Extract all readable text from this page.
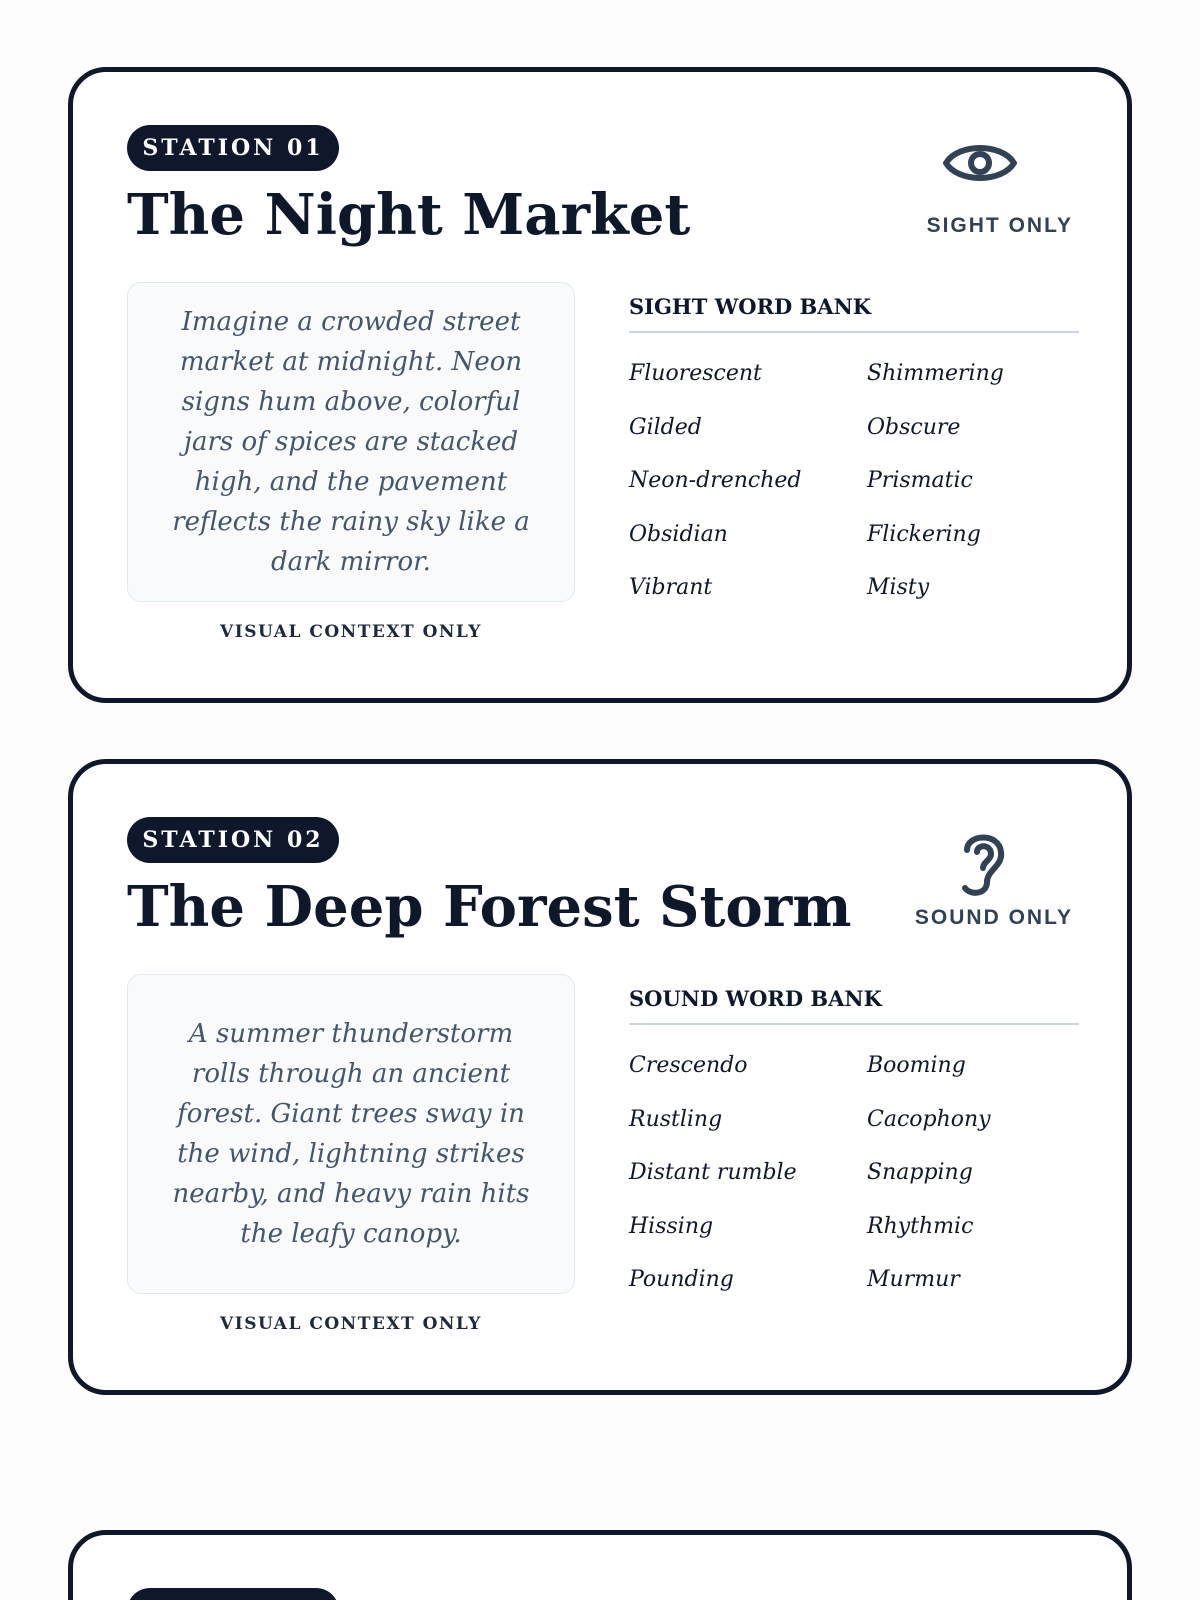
STATION 01
The Night Market	SIGHT ONLY

Imagine a crowded street market at midnight. Neon signs hum above, colorful jars of spices are stacked high, and the pavement reflects the rainy sky like a dark mirror.

VISUAL CONTEXT ONLY
SIGHT WORD BANK
Fluorescent	Shimmering
Gilded	Obscure
Neon-drenched	Prismatic
Obsidian	Flickering
Vibrant	Misty
STATION 02
The Deep Forest Storm	SOUND ONLY

A summer thunderstorm rolls through an ancient forest. Giant trees sway in the wind, lightning strikes nearby, and heavy rain hits the leafy canopy.

VISUAL CONTEXT ONLY
SOUND WORD BANK
Crescendo	Booming
Rustling	Cacophony
Distant rumble	Snapping
Hissing	Rhythmic
Pounding	Murmur
